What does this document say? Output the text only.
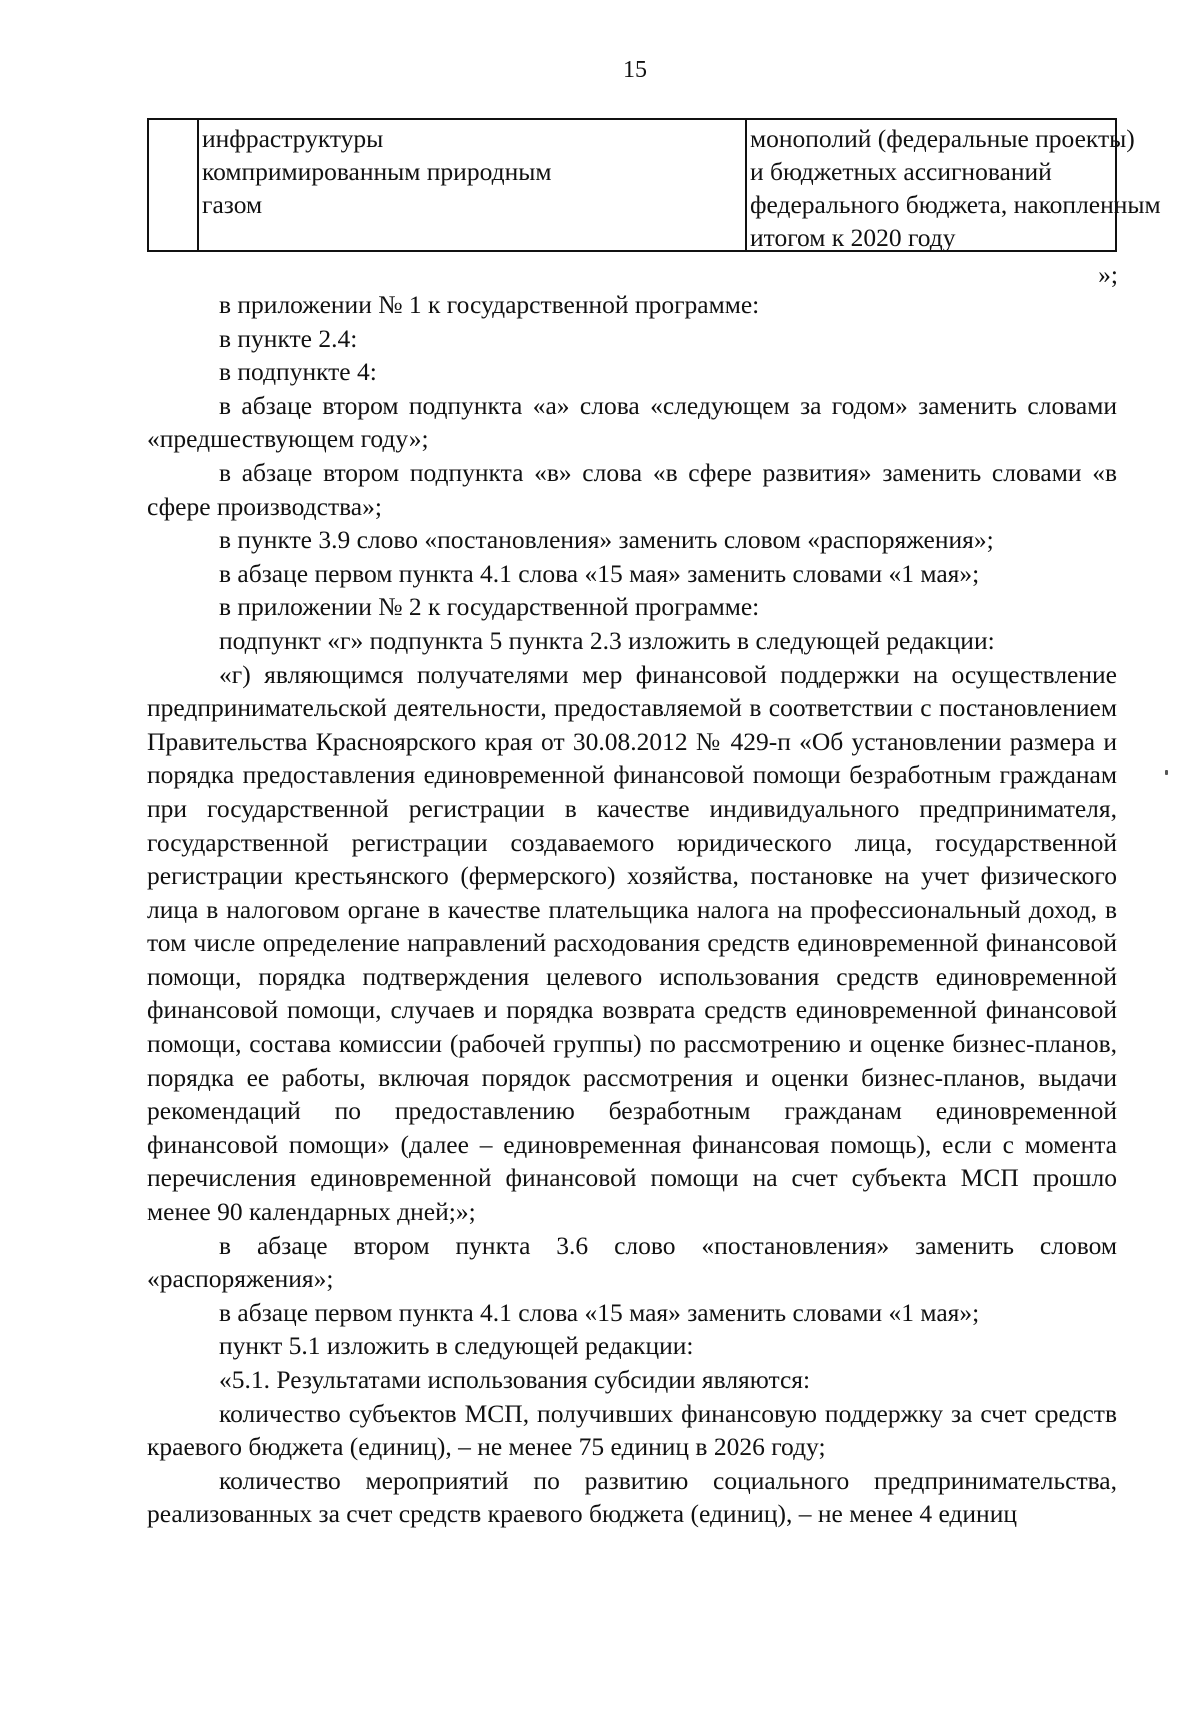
15
инфраструктуры
компримированным природным
газом
монополий (федеральные проекты)
и бюджетных ассигнований
федерального бюджета, накопленным
итогом к 2020 году
»;

в приложении № 1 к государственной программе:

в пункте 2.4:

в подпункте 4:

в абзаце втором подпункта «а» слова «следующем за годом» заменить словами «предшествующем году»;

в абзаце втором подпункта «в» слова «в сфере развития» заменить словами «в сфере производства»;

в пункте 3.9 слово «постановления» заменить словом «распоряжения»;

в абзаце первом пункта 4.1 слова «15 мая» заменить словами «1 мая»;

в приложении № 2 к государственной программе:

подпункт «г» подпункта 5 пункта 2.3 изложить в следующей редакции:

«г) являющимся получателями мер финансовой поддержки на осуществление предпринимательской деятельности, предоставляемой в соответствии с постановлением Правительства Красноярского края от 30.08.2012 № 429-п «Об установлении размера и порядка предоставления единовременной финансовой помощи безработным гражданам при государственной регистрации в качестве индивидуального предпринимателя, государственной регистрации создаваемого юридического лица, государственной регистрации крестьянского (фермерского) хозяйства, постановке на учет физического лица в налоговом органе в качестве плательщика налога на профессиональный доход, в том числе определение направлений расходования средств единовременной финансовой помощи, порядка подтверждения целевого использования средств единовременной финансовой помощи, случаев и порядка возврата средств единовременной финансовой помощи, состава комиссии (рабочей группы) по рассмотрению и оценке бизнес-планов, порядка ее работы, включая порядок рассмотрения и оценки бизнес-планов, выдачи рекомендаций по предоставлению безработным гражданам единовременной финансовой помощи» (далее – единовременная финансовая помощь), если с момента перечисления единовременной финансовой помощи на счет субъекта МСП прошло менее 90 календарных дней;»;

в абзаце втором пункта 3.6 слово «постановления» заменить словом «распоряжения»;

в абзаце первом пункта 4.1 слова «15 мая» заменить словами «1 мая»;

пункт 5.1 изложить в следующей редакции:

«5.1. Результатами использования субсидии являются:

количество субъектов МСП, получивших финансовую поддержку за счет средств краевого бюджета (единиц), – не менее 75 единиц в 2026 году;

количество мероприятий по развитию социального предпринимательства, реализованных за счет средств краевого бюджета (единиц), – не менее 4 единиц
